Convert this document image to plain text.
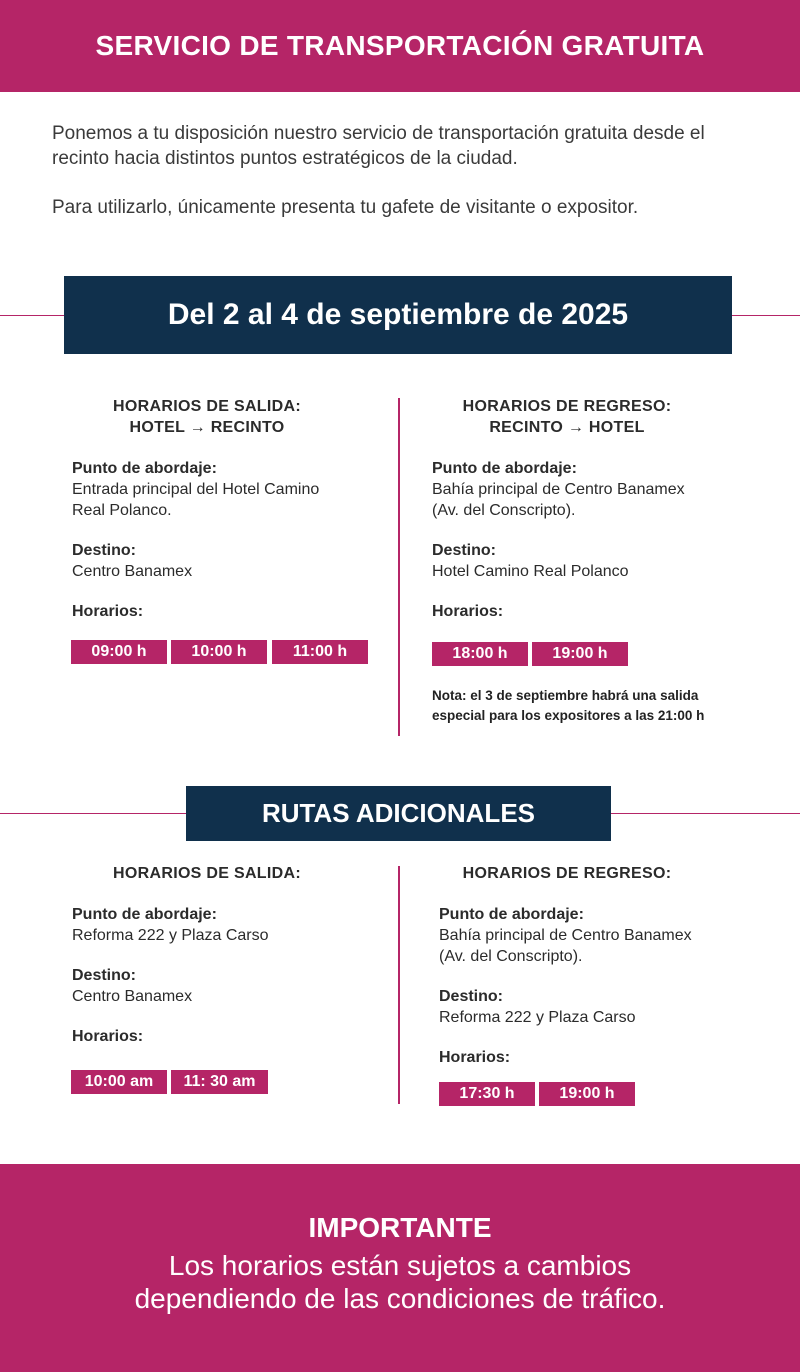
SERVICIO DE TRANSPORTACIÓN GRATUITA

Ponemos a tu disposición nuestro servicio de transportación gratuita desde el recinto hacia distintos puntos estratégicos de la ciudad.

Para utilizarlo, únicamente presenta tu gafete de visitante o expositor.

Del 2 al 4 de septiembre de 2025
HORARIOS DE SALIDA:
HOTEL → RECINTO
Punto de abordaje:
Entrada principal del Hotel Camino Real Polanco.
Destino:
Centro Banamex
Horarios:
09:00 h	10:00 h	11:00 h
HORARIOS DE REGRESO:
RECINTO → HOTEL
Punto de abordaje:
Bahía principal de Centro Banamex (Av. del Conscripto).
Destino:
Hotel Camino Real Polanco
Horarios:
18:00 h	19:00 h
Nota: el 3 de septiembre habrá una salida especial para los expositores a las 21:00 h
RUTAS ADICIONALES
HORARIOS DE SALIDA:
Punto de abordaje:
Reforma 222 y Plaza Carso
Destino:
Centro Banamex
Horarios:
10:00 am	11: 30 am
HORARIOS DE REGRESO:
Punto de abordaje:
Bahía principal de Centro Banamex (Av. del Conscripto).
Destino:
Reforma 222 y Plaza Carso
Horarios:
17:30 h	19:00 h
IMPORTANTE
Los horarios están sujetos a cambios
dependiendo de las condiciones de tráfico.
